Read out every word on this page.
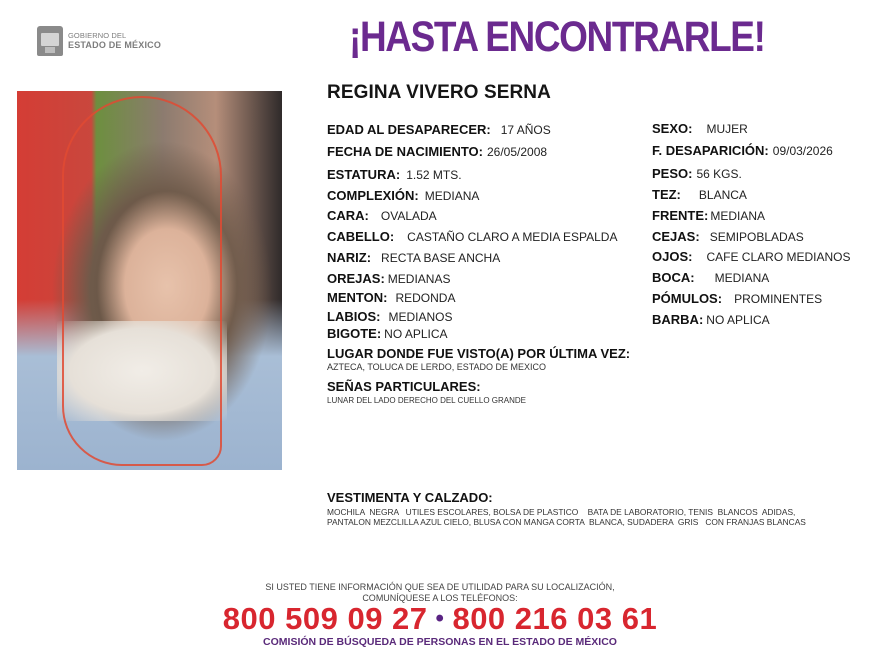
GOBIERNO DEL
ESTADO DE MÉXICO	¡HASTA ENCONTRARLE!
REGINA VIVERO SERNA
EDAD AL DESAPARECER: 17 AÑOS
FECHA DE NACIMIENTO: 26/05/2008
ESTATURA: 1.52 MTS.
COMPLEXIÓN: MEDIANA
CARA: OVALADA
CABELLO: CASTAÑO CLARO A MEDIA ESPALDA
NARIZ: RECTA BASE ANCHA
OREJAS: MEDIANAS
MENTON: REDONDA
LABIOS: MEDIANOS
BIGOTE: NO APLICA
SEXO: MUJER
F. DESAPARICIÓN: 09/03/2026
PESO: 56 KGS.
TEZ: BLANCA
FRENTE: MEDIANA
CEJAS: SEMIPOBLADAS
OJOS: CAFE CLARO MEDIANOS
BOCA: MEDIANA
PÓMULOS: PROMINENTES
BARBA: NO APLICA
LUGAR DONDE FUE VISTO(A) POR ÚLTIMA VEZ:
AZTECA, TOLUCA DE LERDO, ESTADO DE MEXICO
SEÑAS PARTICULARES:
LUNAR DEL LADO DERECHO DEL CUELLO GRANDE
VESTIMENTA Y CALZADO:
MOCHILA  NEGRA   UTILES ESCOLARES, BOLSA DE PLASTICO    BATA DE LABORATORIO, TENIS  BLANCOS  ADIDAS,
PANTALON MEZCLILLA AZUL CIELO, BLUSA CON MANGA CORTA  BLANCA, SUDADERA  GRIS   CON FRANJAS BLANCAS
SI USTED TIENE INFORMACIÓN QUE SEA DE UTILIDAD PARA SU LOCALIZACIÓN,
COMUNÍQUESE A LOS TELÉFONOS:
800 509 09 27 • 800 216 03 61
COMISIÓN DE BÚSQUEDA DE PERSONAS EN EL ESTADO DE MÉXICO
